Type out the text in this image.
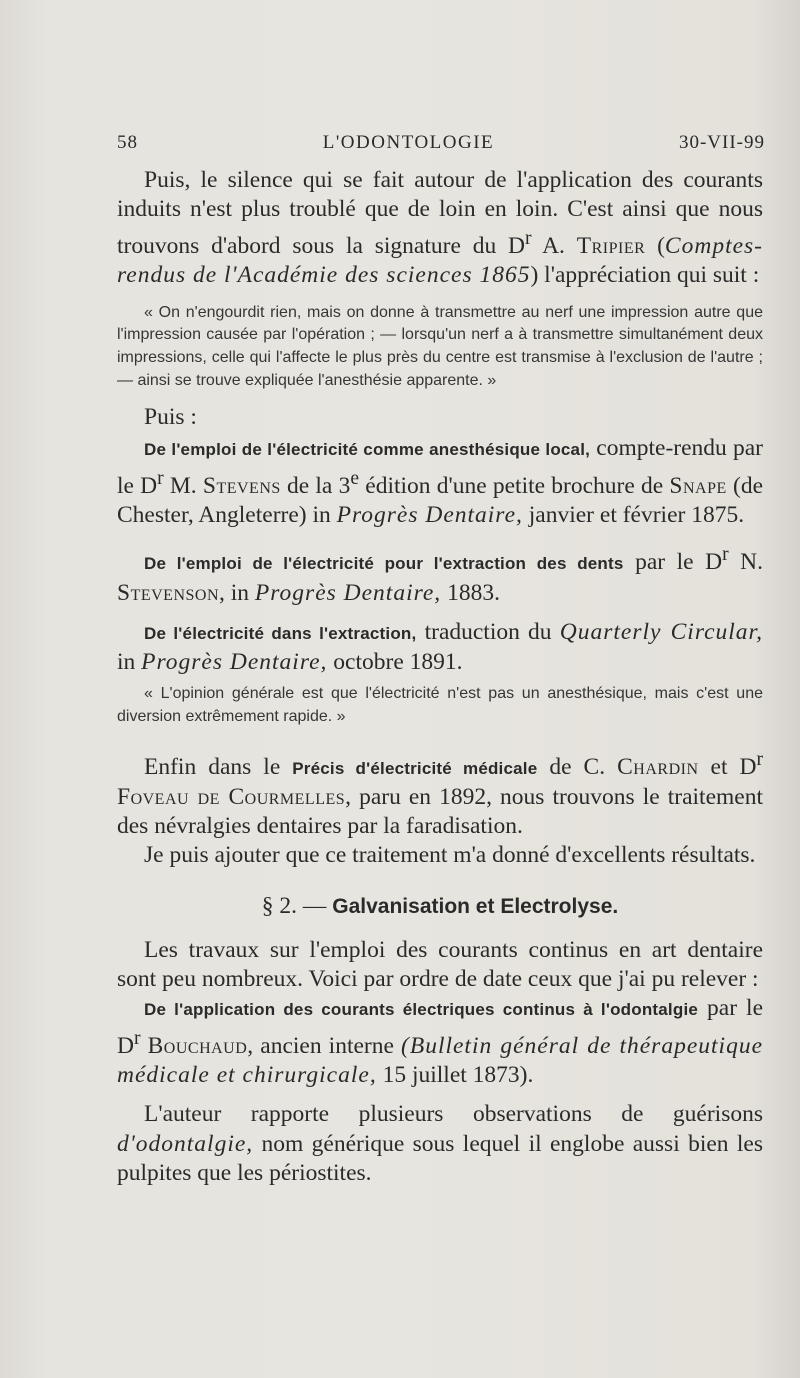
58	L'ODONTOLOGIE	30-VII-99

Puis, le silence qui se fait autour de l'application des courants induits n'est plus troublé que de loin en loin. C'est ainsi que nous trouvons d'abord sous la signature du $D^r$ A. Tripier (Comptes-rendus de l'Académie des sciences 1865) l'appréciation qui suit :

« On n'engourdit rien, mais on donne à transmettre au nerf une impression autre que l'impression causée par l'opération ; — lorsqu'un nerf a à transmettre simultanément deux impressions, celle qui l'affecte le plus près du centre est transmise à l'exclusion de l'autre ; — ainsi se trouve expliquée l'anesthésie apparente. »

Puis :

De l'emploi de l'électricité comme anesthésique local, compte-rendu par le $D^r$ M. Stevens de la 3e édition d'une petite brochure de Snape (de Chester, Angleterre) in Progrès Dentaire, janvier et février 1875.

De l'emploi de l'électricité pour l'extraction des dents par le $D^r$ N. Stevenson, in Progrès Dentaire, 1883.

De l'électricité dans l'extraction, traduction du Quarterly Circular, in Progrès Dentaire, octobre 1891.

« L'opinion générale est que l'électricité n'est pas un anesthésique, mais c'est une diversion extrêmement rapide. »

Enfin dans le Précis d'électricité médicale de C. Chardin et $D^r$ Foveau de Courmelles, paru en 1892, nous trouvons le traitement des névralgies dentaires par la faradisation.

Je puis ajouter que ce traitement m'a donné d'excellents résultats.

§ 2. — Galvanisation et Electrolyse.

Les travaux sur l'emploi des courants continus en art dentaire sont peu nombreux. Voici par ordre de date ceux que j'ai pu relever :

De l'application des courants électriques continus à l'odontalgie par le $D^r$ Bouchaud, ancien interne (Bulletin général de thérapeutique médicale et chirurgicale, 15 juillet 1873).

L'auteur rapporte plusieurs observations de guérisons d'odontalgie, nom générique sous lequel il englobe aussi bien les pulpites que les périostites.
